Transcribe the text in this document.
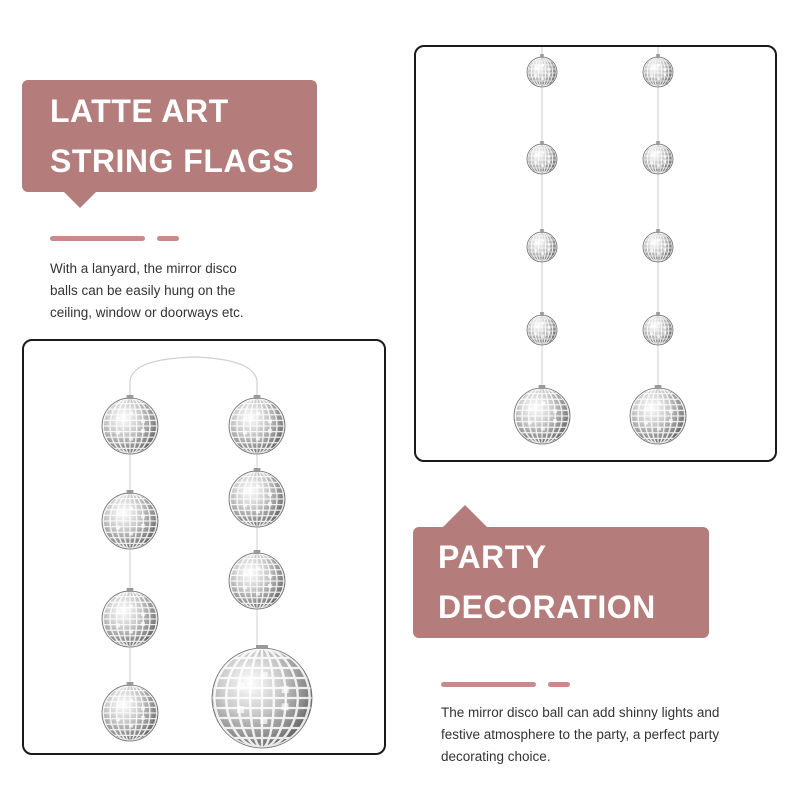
LATTE ART
STRING FLAGS
With a lanyard, the mirror disco
balls can be easily hung on the
ceiling, window or doorways etc.
PARTY
DECORATION
The mirror disco ball can add shinny lights and
festive atmosphere to the party, a perfect party
decorating choice.
